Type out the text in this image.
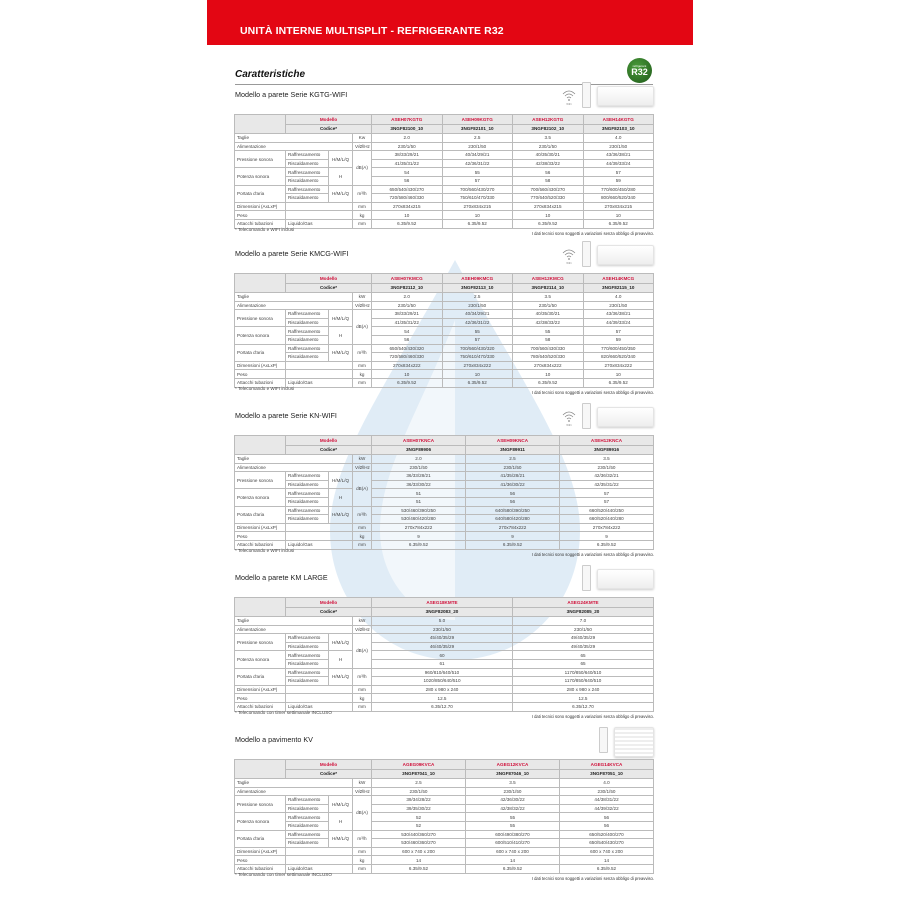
UNITÀ INTERNE MULTISPLIT - REFRIGERANTE R32
Caratteristiche
refrigerant
R32
Modello a parete Serie KGTG-WIFI
WiFi
	Modello			ASEH07KGTG	ASEH09KGTG	ASEH12KGTG	ASEH14KGTG
	Codice*			3NGF82100_10	3NGF82101_10	3NGF82102_10	3NGF82103_10
Taglie			Kw	2.0	2.5	3.5	4.0
Alimentazione			V/Ø/Hz	230/1/50	230/1/50	230/1/50	230/1/50
Pressione sonora	Raffrescamento	H/M/L/Q	dB(A)	38/33/29/21	40/34/29/21	40/35/30/21	43/36/38/21
	Riscaldamento			41/35/31/22	42/36/31/22	42/38/33/22	44/39/33/24
Potenza sonora	Raffrescamento	H		54	55	56	57
	Riscaldamento			56	57	58	59
Portata d'aria	Raffrescamento	H/M/L/Q	m³/h	650/540/430/270	700/560/430/270	700/560/430/270	770/600/450/280
	Riscaldamento			720/580/460/330	750/610/470/330	770/640/520/330	800/660/520/340
Dimensioni (AxLxP)			mm	270x834x215	270x834x215	270x834x215	270x834x215
Peso			kg	10	10	10	10
Attacchi tubazioni	Liquido/Gas		mm	6.35/9.52	6.35/9.52	6.35/9.52	6.35/9.52
* Telecomando e WIFI inclusi
I dati tecnici sono soggetti a variazioni senza obbligo di preavviso.
Modello a parete Serie KMCG-WIFI
WiFi
	Modello			ASEH07KMCG	ASEH09KMCG	ASEH12KMCG	ASEH14KMCG
	Codice*			3NGF82112_10	3NGF82113_10	3NGF82114_10	3NGF82115_10
Taglie			kW	2.0	2.5	3.5	4.0
Alimentazione			V/Ø/Hz	230/1/50	230/1/50	230/1/50	230/1/50
Pressione sonora	Raffrescamento	H/M/L/Q	dB(A)	38/33/29/21	40/34/29/21	40/35/30/21	43/36/38/21
	Riscaldamento			41/35/31/22	42/36/31/22	42/38/33/22	44/39/33/24
Potenza sonora	Raffrescamento	H		54	55	55	57
	Riscaldamento			56	57	58	59
Portata d'aria	Raffrescamento	H/M/L/Q	m³/h	650/540/430/320	700/560/430/320	700/560/430/330	770/600/450/350
	Riscaldamento			720/580/460/330	750/610/470/330	780/640/520/330	820/660/520/340
Dimensioni (AxLxP)			mm	270x834x222	270x834x222	270x834x222	270x834x222
Peso			kg	10	10	10	10
Attacchi tubazioni	Liquido/Gas		mm	6.35/9.52	6.35/9.52	6.35/9.52	6.35/9.52
* Telecomando e WIFI inclusi
I dati tecnici sono soggetti a variazioni senza obbligo di preavviso.
Modello a parete Serie KN-WIFI
WiFi
	Modello			ASEH07KNCA	ASEH09KNCA	ASEH12KNCA
	Codice*			3NGF89906	3NGF89911	3NGF89916
Taglie			kW	2.0	2.5	3.5
Alimentazione			V/Ø/Hz	230/1/50	230/1/50	230/1/50
Pressione sonora	Raffrescamento	H/M/L/Q	dB(A)	36/33/28/21	41/35/28/21	42/36/32/21
	Riscaldamento			36/33/30/22	41/36/30/22	42/35/31/22
Potenza sonora	Raffrescamento	H		51	56	57
	Riscaldamento			51	56	57
Portata d'aria	Raffrescamento	H/M/L/Q	m³/h	530/460/390/250	640/580/390/250	660/520/440/250
	Riscaldamento			530/460/420/280	640/580/420/280	660/520/440/280
Dimensioni (AxLxP)			mm	270x784x222	270x784x222	270x784x222
Peso			kg	9	9	9
Attacchi tubazioni	Liquido/Gas		mm	6.35/9.52	6.35/9.52	6.35/9.52
* Telecomando e WIFI inclusi
I dati tecnici sono soggetti a variazioni senza obbligo di preavviso.
Modello a parete KM LARGE
	Modello			ASEG18KMTE	ASEG24KMTE
	Codice*			3NGF82083_20	3NGF82085_20
Taglie			kW	5.0	7.0
Alimentazione			V/Ø/Hz	230/1/50	230/1/50
Pressione sonora	Raffrescamento	H/M/L/Q	dB(A)	45/40/35/29	49/40/35/29
	Riscaldamento			46/40/35/29	49/40/35/29
Potenza sonora	Raffrescamento	H		60	65
	Riscaldamento			61	65
Portata d'aria	Raffrescamento	H/M/L/Q	m³/h	960/810/640/510	1170/850/640/510
	Riscaldamento			1020/850/640/510	1170/850/640/510
Dimensioni (AxLxP)			mm	280 x 980 x 240	280 x 980 x 240
Peso			kg	12.5	12.5
Attacchi tubazioni	Liquido/Gas		mm	6.35/12.70	6.35/12.70
* Telecomando con timer settimanale INCLUSO
I dati tecnici sono soggetti a variazioni senza obbligo di preavviso.
Modello a pavimento KV
	Modello			AGEG09KVCA	AGEG12KVCA	AGEG14KVCA
	Codice*			3NGF87041_10	3NGF87046_10	3NGF87051_10
Taglie			kW	2.5	3.5	4.0
Alimentazione			V/Ø/Hz	230/1/50	230/1/50	230/1/50
Pressione sonora	Raffrescamento	H/M/L/Q	dB(A)	39/34/28/22	42/36/30/22	44/38/31/22
	Riscaldamento			39/35/30/22	42/38/32/22	44/39/32/22
Potenza sonora	Raffrescamento	H		52	55	56
	Riscaldamento			52	55	56
Portata d'aria	Raffrescamento	H/M/L/Q	m³/h	530/440/360/270	600/490/380/270	650/520/400/270
	Riscaldamento			530/460/360/270	600/510/410/270	650/540/430/270
Dimensioni (AxLxP)			mm	600 x 740 x 200	600 x 740 x 200	600 x 740 x 200
Peso			kg	14	14	14
Attacchi tubazioni	Liquido/Gas		mm	6.35/9.52	6.35/9.52	6.35/9.52
* Telecomando con timer settimanale INCLUSO
I dati tecnici sono soggetti a variazioni senza obbligo di preavviso.
